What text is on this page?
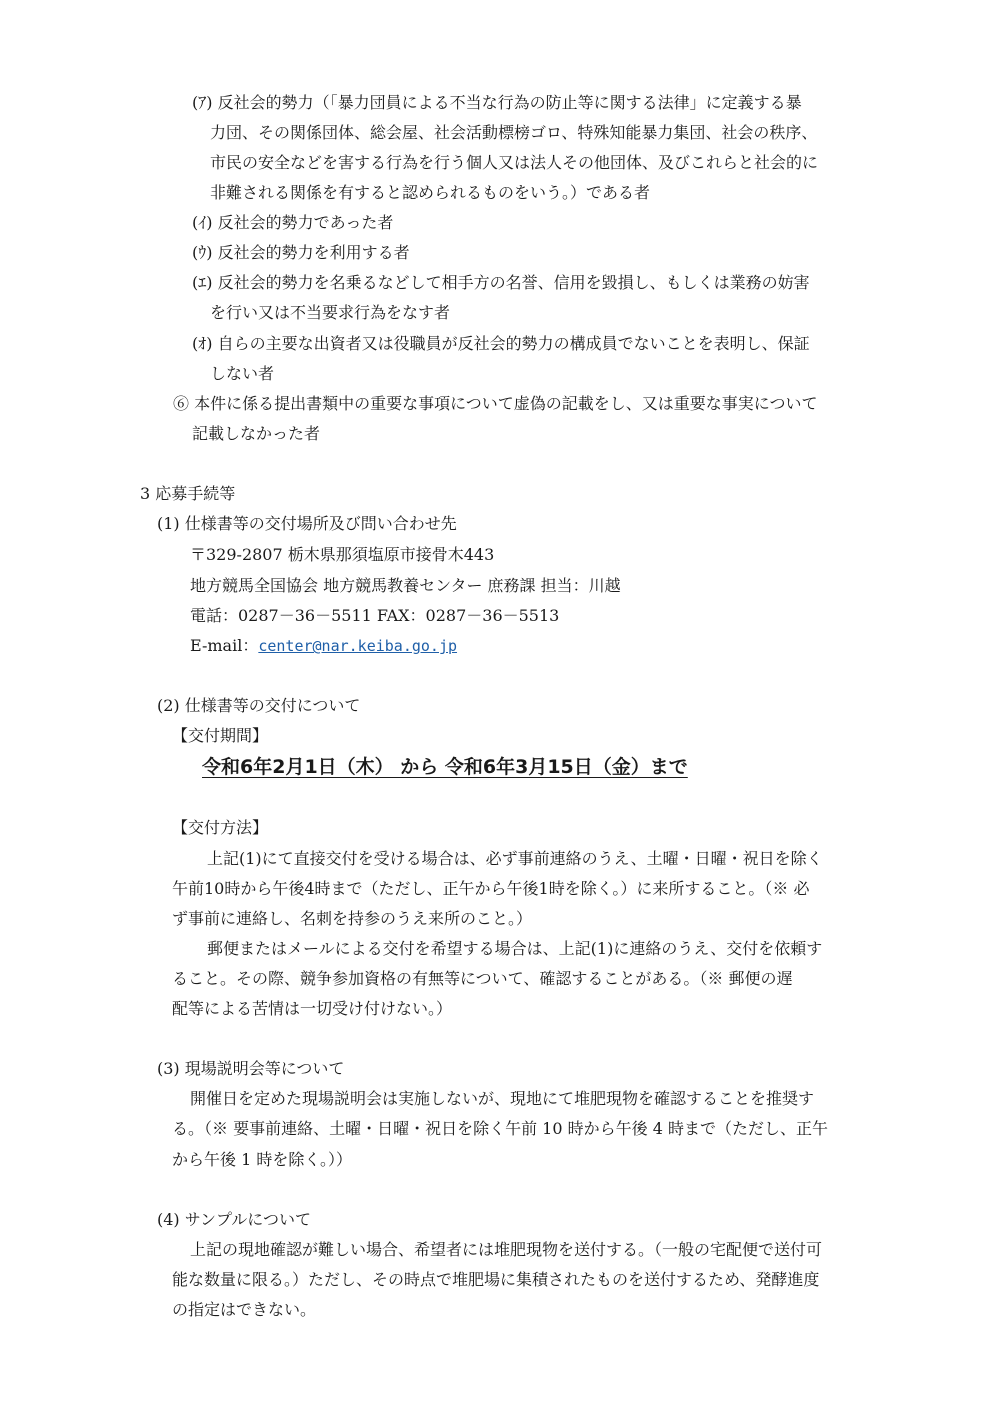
(ｱ) 反社会的勢力（「暴力団員による不当な行為の防止等に関する法律」に定義する暴
力団、その関係団体、総会屋、社会活動標榜ゴロ、特殊知能暴力集団、社会の秩序、
市民の安全などを害する行為を行う個人又は法人その他団体、及びこれらと社会的に
非難される関係を有すると認められるものをいう。）である者
(ｲ) 反社会的勢力であった者
(ｳ) 反社会的勢力を利用する者
(ｴ) 反社会的勢力を名乗るなどして相手方の名誉、信用を毀損し、もしくは業務の妨害
を行い又は不当要求行為をなす者
(ｵ) 自らの主要な出資者又は役職員が反社会的勢力の構成員でないことを表明し、保証
しない者
⑥ 本件に係る提出書類中の重要な事項について虚偽の記載をし、又は重要な事実について
記載しなかった者
3 応募手続等
(1) 仕様書等の交付場所及び問い合わせ先
〒329-2807 栃木県那須塩原市接骨木443
地方競馬全国協会 地方競馬教養センター 庶務課 担当：川越
電話：0287－36－5511 FAX：0287－36－5513
E-mail：center@nar.keiba.go.jp
(2) 仕様書等の交付について
【交付期間】
令和6年2月1日（木） から 令和6年3月15日（金）まで
【交付方法】
上記(1)にて直接交付を受ける場合は、必ず事前連絡のうえ、土曜・日曜・祝日を除く
午前10時から午後4時まで（ただし、正午から午後1時を除く。）に来所すること。（※ 必
ず事前に連絡し、名刺を持参のうえ来所のこと。）
郵便またはメールによる交付を希望する場合は、上記(1)に連絡のうえ、交付を依頼す
ること。その際、競争参加資格の有無等について、確認することがある。（※ 郵便の遅
配等による苦情は一切受け付けない。）
(3) 現場説明会等について
開催日を定めた現場説明会は実施しないが、現地にて堆肥現物を確認することを推奨す
る。（※ 要事前連絡、土曜・日曜・祝日を除く午前 10 時から午後 4 時まで（ただし、正午
から午後 1 時を除く。））
(4) サンプルについて
上記の現地確認が難しい場合、希望者には堆肥現物を送付する。（一般の宅配便で送付可
能な数量に限る。）ただし、その時点で堆肥場に集積されたものを送付するため、発酵進度
の指定はできない。
